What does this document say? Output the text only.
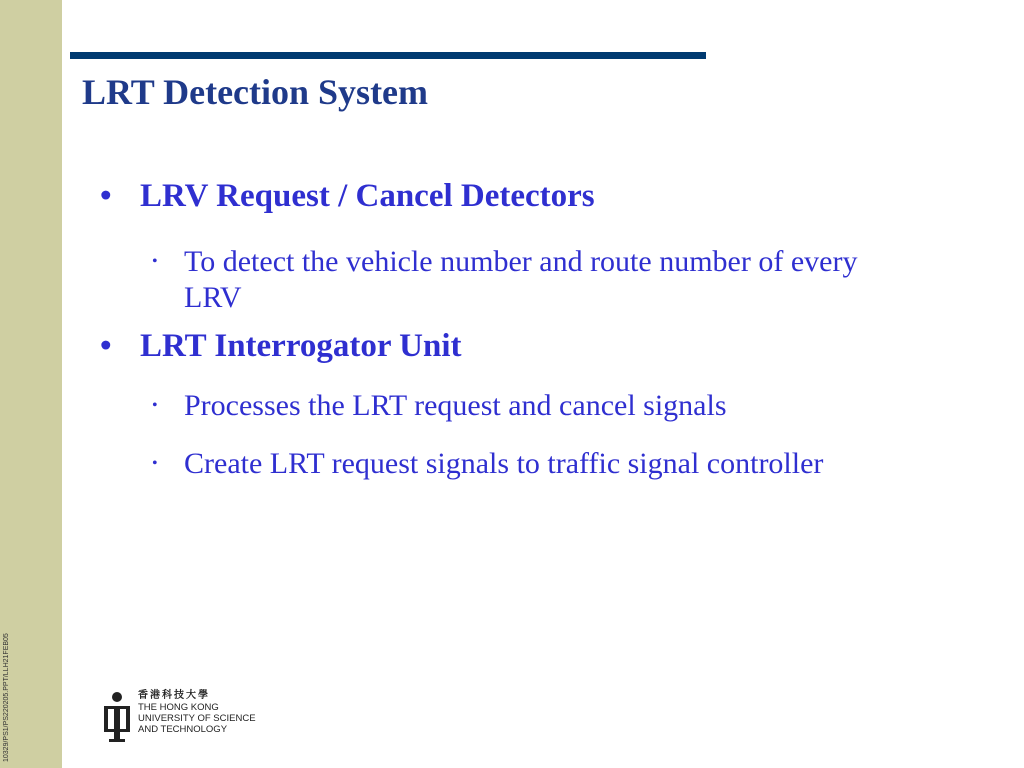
10329/PS1/PS220205.PPT/LLH21FEB05
LRT Detection System
• LRV Request / Cancel Detectors
• To detect the vehicle number and route number of every LRV
• LRT Interrogator Unit
• Processes the LRT request and cancel signals
• Create LRT request signals to traffic signal controller
香港科技大學
THE HONG KONG
UNIVERSITY OF SCIENCE
AND TECHNOLOGY
